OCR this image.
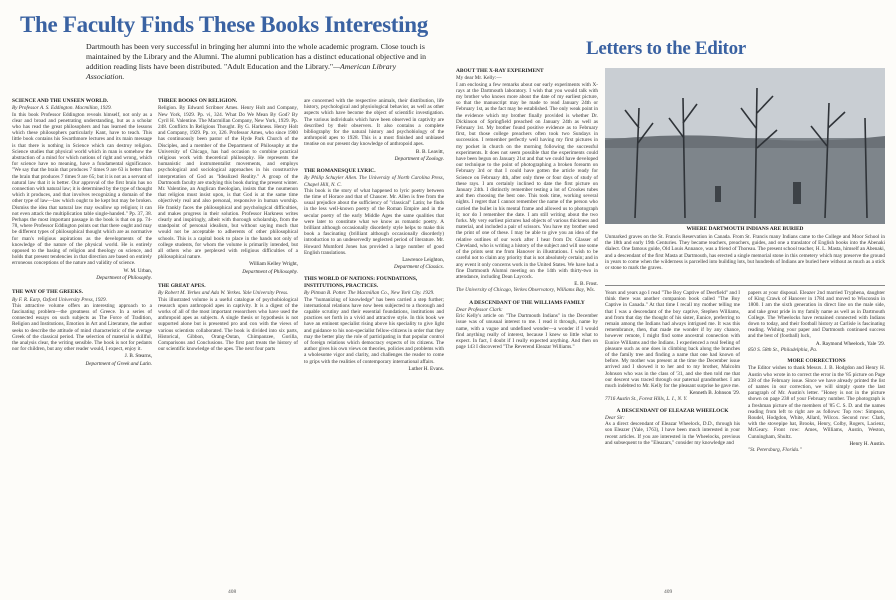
The Faculty Finds These Books Interesting
Dartmouth has been very successful in bringing her alumni into the whole academic program. Close touch is maintained by the Library and the Alumni. The alumni publication has a distinct educational objective and in addition reading lists have been distributed. "Adult Education and the Library."—American Library Association.
SCIENCE AND THE UNSEEN WORLD.
By Professor A. S. Eddington. Macmillan, 1929.
In this book Professor Eddington reveals himself, not only as a clear and broad and penetrating understanding, but as a scholar who has read the great philosophers and has learned the lessons which these philosophers particularly Kant, have to teach. This little book contains his Swarthmore lectures and its main message is that there is nothing in Science which can destroy religion. Science studies that physical world which in man is somehow the abstraction of a mind for which notions of right and wrong, which for science have no meaning, have a fundamental significance. "We say that the brain that produces 7 times 9 are 63 is better than the brain that produces 7 times 9 are 65; but it is not as a servant of natural law that it is better. Our approval of the first brain has no connection with natural law; it is determined by the type of thought which it produces, and that involves recognizing a domain of the other type of law—law which ought to be kept but may be broken. Dismiss the idea that natural law may swallow up religion; it can not even attack the multiplication table single-handed." Pp. 37, 38. Perhaps the most important passage in the book is that on pp. 74-78, where Professor Eddington points out that there ought and may be different types of philosophical thought which are as normative for man's religious aspirations as the developments of the knowledge of the nature of the physical world. He is entirely opposed to the basing of religion and theology on science, and holds that present tendencies in that direction are based on entirely erroneous conceptions of the nature and validity of science.
W. M. Urban,
Department of Philosophy.
THE WAY OF THE GREEKS.
By F. R. Earp, Oxford University Press, 1929.
This attractive volume offers an interesting approach to a fascinating problem—the greatness of Greece. In a series of connected essays on such subjects as The Force of Tradition, Religion and Institutions, Emotion in Art and Literature, the author seeks to describe the attitude of mind characteristic of the average Greek of the classical period. The selection of material is skillful, the analysis clear, the writing sensible. The book is not for pedants nor for children, but any other reader would, I expect, enjoy it.
J. B. Stearns,
Department of Greek and Latin.
THREE BOOKS ON RELIGION.
Religion. By Edward Scribner Ames. Henry Holt and Company, New York, 1929. Pp. vi, 324. What Do We Mean By God? By Cyril H. Valentine. The Macmillan Company, New York, 1929. Pp. 248. Conflicts In Religious Thought. By G. Harkness. Henry Holt and Company, 1929. Pp. xv, 326. Professor Ames, who since 1900 has continuously been pastor of the Hyde Park Church of the Disciples, and a member of the Department of Philosophy at the University of Chicago, has had occasion to combine practical religious work with theoretical philosophy. He represents the humanistic and instrumentalist movements, and employs psychological and sociological approaches in his constructive interpretation of God as "Idealized Reality." A group of the Dartmouth faculty are studying this book during the present winter. Mr. Valentine, an Anglican theologian, insists that the noumenon that religion must insist upon, is that God is at the same time objectively real and also personal, responsive in human worship. He frankly faces the philosophical and psychological difficulties, and makes progress in their solution. Professor Harkness writes clearly and inspiringly, albeit with thorough scholarship, from the standpoint of personal idealism, but without saying much that would not be acceptable to adherents of other philosophical schools. This is a capital book to place in the hands not only of college students, for whom the volume is primarily intended, but all others who are perplexed with religious difficulties of a philosophical nature.
William Kelley Wright,
Department of Philosophy.
THE GREAT APES.
By Robert M. Yerkes and Ada W. Yerkes. Yale University Press.
This illustrated volume is a useful catalogue of psychobiological research upon anthropoid apes in captivity. It is a digest of the works of all of the most important researchers who have used the anthropoid apes as subjects. A single thesis or hypothesis is not supported alone but is presented pro and con with the views of various scientists collaborated. The book is divided into six parts, Historical, Gibbon, Orang-Outan, Chimpanzee, Gorilla, Comparisons and Conclusions. The first part treats the history of our scientific knowledge of the apes. The next four parts
are concerned with the respective animals, their distribution, life history, psychological and physiological behavior, as well as other aspects which have become the object of scientific investigation. The various individuals which have been observed in captivity are described by their observers. It also contains a complete bibliography for the natural history and psychobiology of the anthropoid apes to 1928. This is a most finished and unbiased treatise on our present day knowledge of anthropoid apes.
B. B. Leavitt,
Department of Zoology.
THE ROMANESQUE LYRIC.
By Philip Schuyler Allen. The University of North Carolina Press, Chapel Hill, N. C.
This book is the story of what happened to lyric poetry between the time of Horace and that of Chaucer. Mr. Allen is free from the usual prejudice about the sufficiency of "classical" Latin; he finds in the less well-known poetry of the Roman Empire and in the secular poetry of the early Middle Ages the same qualities that were later to constitute what we know as romantic poetry. A brilliant although occasionally disorderly style helps to make this book a fascinating (brilliant although occasionally disorderly) introduction to an undeservedly neglected period of literature. Mr. Howard Mumford Jones has provided a large number of good English translations.
Lawrence Leighton,
Department of Classics.
THIS WORLD OF NATIONS: FOUNDATIONS, INSTITUTIONS, PRACTICES.
By Pitman B. Potter. The Macmillan Co., New York City. 1929.
The "humanizing of knowledge" has been carried a step further; international relations have now been subjected to a thorough and capable scrutiny and their essential foundations, institutions and practices set forth in a vivid and attractive style. In this book we have an eminent specialist rising above his speciality to give light and guidance to his non-specialist fellow-citizens in order that they may the better play the role of participating in that popular control of foreign relations which democracy expects of its citizens. The author gives his own views on theories, policies and problems with a wholesome vigor and clarity, and challenges the reader to come to grips with the realities of contemporary international affairs.
Luther H. Evans.
408
Letters to the Editor
ABOUT THE X-RAY EXPERIMENT
My dear Mr. Kelly:—
I am enclosing a few remarks about our early experiments with X-rays at the Dartmouth laboratory. I wish that you would talk with my brother who knows more about the date of my earliest picture, so that the manuscript may be made to read January 24th or February 1st, as the fact may be established. The only weak point in the evidence which my brother finally provided is whether Dr. Dickinson of Springfield preached on January 24th as well as February 1st. My brother found positive evidence as to February first, but those college preachers often took two Sundays in succession. I remember perfectly well having my first pictures in my pocket in church on the morning following the successful experiments. It does not seem possible that the experiments could have been begun on January 21st and that we could have developed our technique to the point of photographing a broken forearm on February 3rd or that I could have gotten the article ready for Science on February 4th, after only three or four days of study of these rays. I am certainly inclined to date the first picture on January 24th. I distinctly remember testing a lot of Crookes tubes and then choosing the best one. This took time, working several nights. I regret that I cannot remember the name of the person who carried the bullet in his mental frame and allowed us to photograph it; nor do I remember the date. I am still writing about the two forks. My very earliest pictures had objects of various thickness and material, and included a pair of scissors. You have my brother send the print of one of these. I may be able to give you an idea of the relative outlines of our work after I hear from Dr. Glasser of Cleveland, who is writing a history of the subject and will use some of the prints sent me from Hanover in illustrations. I wish to be careful not to claim any priority that is not absolutely certain; and in any event it only concerns work in the United States. We have had a fine Dartmouth Alumni meeting on the 14th with thirty-two in attendance, including Dean Laycock.
E. B. Frost.
The University of Chicago, Yerkes Observatory, Williams Bay, Wis.
A DESCENDANT OF THE WILLIAMS FAMILY
Dear Professor Clark:
Eric Kelly's article on "The Dartmouth Indians" in the December issue was of unusual interest to me. I read it through, name by name, with a vague and undefined wonder—a wonder if I would find anything really of interest, because I knew so little what to expect. In fact, I doubt if I really expected anything. And then on page 143 I discovered "The Reverend Eleazar Williams."
WHERE DARTMOUTH INDIANS ARE BURIED
Unmarked graves on the St. Francis Reservation in Canada. From St. Francis many Indians came to the College and Moor School in the 18th and early 19th Centuries. They became teachers, preachers, guides, and one a translator of English books into the Abenaki dialect. One famous guide, Old Louis Annance, was a friend of Thoreau. The present school teacher, H. L. Masta, himself an Abenaki, and a descendant of the first Masta at Dartmouth, has erected a single memorial stone in this cemetery which may preserve the ground in years to come when the wilderness is parcelled into building lots, but hundreds of Indians are buried here without as much as a stick or stone to mark the graves.
Years and years ago I read "The Boy Captive of Deerfield" and I think there was another companion book called "The Boy Captive in Canada." At that time I recall my mother telling me that I was a descendant of the boy captive, Stephen Williams, and from that day the thought of his sister, Eunice, preferring to remain among the Indians had always intrigued me. It was this remembrance, then, that made me wonder if by any chance, however remote, I might find some ancestral connection with Eunice Williams and the Indians. I experienced a real feeling of pleasure such as one does in climbing back along the branches of the family tree and finding a name that one had known of before. My mother was present at the time the December issue arrived and I showed it to her and to my brother, Malcolm Johnson who was in the class of '31, and she then told me that our descent was traced through our paternal grandmother. I am much indebted to Mr. Kelly for the pleasant surprise he gave me.
Kenneth B. Johnson '29.
7716 Austin St., Forest Hills, L. I., N. Y.
A DESCENDANT OF ELEAZAR WHEELOCK
Dear Sir:
As a direct descendant of Eleazar Wheelock, D.D., through his son Eleazer (Yale, 1763), I have been much interested in your recent articles. If you are interested in the Wheelocks, previous and subsequent to the "Eleazars," consider my knowledge and
papers at your disposal. Eleazer 2nd married Tryphena, daughter of King Crawk of Hanover in 1784 and moved to Wisconsin in 1800. I am the sixth generation in direct line on the male side, and take great pride in my family name as well as in Dartmouth College. The Wheelocks have remained connected with Indians down to today, and their football history at Carlisle is fascinating reading. Wishing your paper and Dartmouth continued success and the best of (football) luck,
A. Raymond Wheelock, Yale '29.
850 S. 58th St., Philadelphia, Pa.
MORE CORRECTIONS
The Editor wishes to thank Messrs. J. B. Hodgdon and Henry H. Austin who wrote in to correct the error in the '85 picture on Page 238 of the February issue. Since we have already printed the list of names in our correction, we will simply quote the last paragraph of Mr. Austin's letter. "Honey is not in the picture shown on page 238 of your February number. The photograph is a freshman picture of the members of '85 C. S. D. and the names reading from left to right are as follows: Top row: Simpson, Roudel, Hodgdon, White, Allard, Wilcox. Second row: Clark, with the stovepipe hat, Brooks, Henry, Colby, Rogers, Lacienz, McGeary. Front row: Ames, Williams, Austin, Weston, Cunningham, Shultz.
Henry H. Austin.
"St. Petersburg, Florida."
409
